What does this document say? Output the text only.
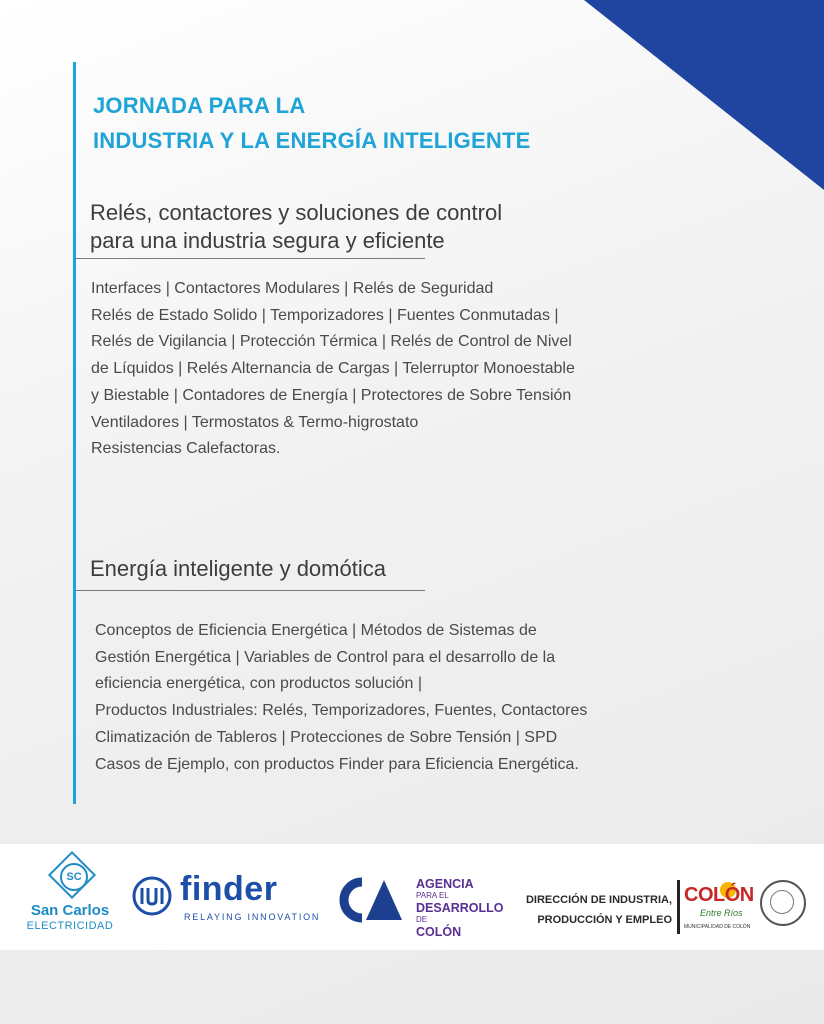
JORNADA PARA LA
INDUSTRIA Y LA ENERGÍA INTELIGENTE
Relés, contactores y soluciones de control
para una industria segura y eficiente
Interfaces | Contactores Modulares | Relés de Seguridad
Relés de Estado Solido | Temporizadores | Fuentes Conmutadas |
Relés de Vigilancia | Protección Térmica | Relés de Control de Nivel
de Líquidos | Relés Alternancia de Cargas | Telerruptor Monoestable
y Biestable | Contadores de Energía | Protectores de Sobre Tensión
Ventiladores | Termostatos & Termo-higrostato
Resistencias Calefactoras.
Energía inteligente y domótica
Conceptos de Eficiencia Energética | Métodos de Sistemas de
Gestión Energética | Variables de Control para el desarrollo de la
eficiencia energética, con productos solución |
Productos Industriales: Relés, Temporizadores, Fuentes, Contactores
Climatización de Tableros | Protecciones de Sobre Tensión | SPD
Casos de Ejemplo, con productos Finder para Eficiencia Energética.
SC
San Carlos
ELECTRICIDAD
finder
RELAYING INNOVATION
AGENCIA
PARA EL
DESARROLLO
DE
COLÓN
DIRECCIÓN DE INDUSTRIA,
PRODUCCIÓN Y EMPLEO
COLÓN
Entre Ríos
MUNICIPALIDAD DE COLÓN
